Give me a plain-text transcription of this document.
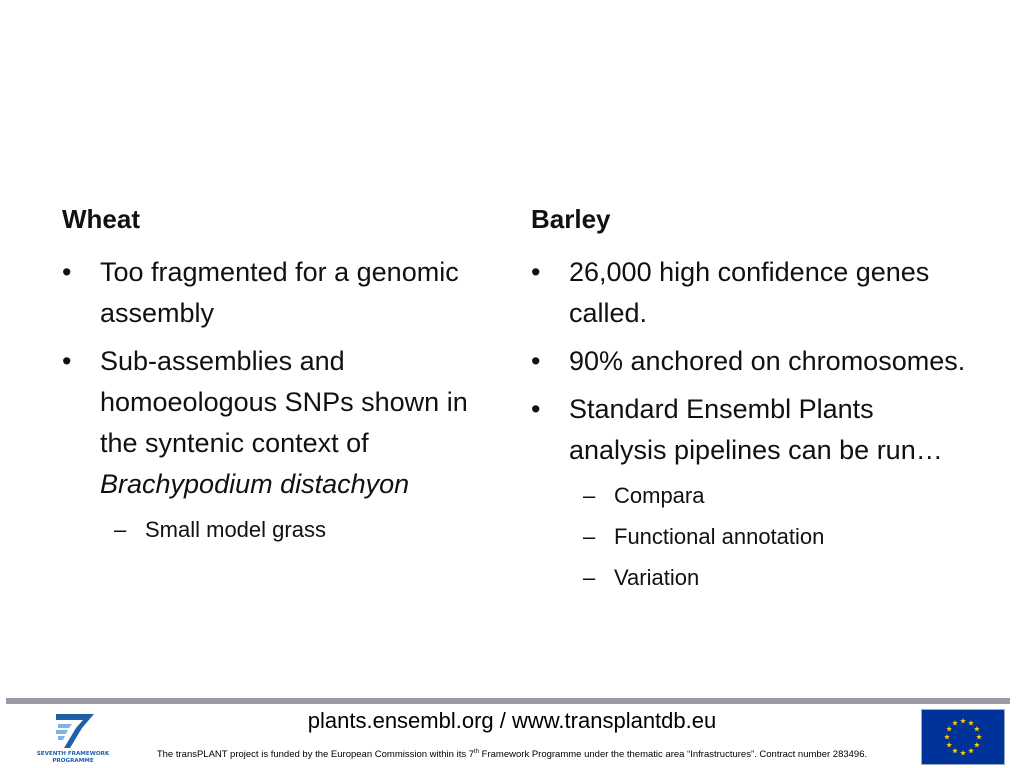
Wheat
•	Too fragmented for a genomic assembly
•	Sub-assemblies and homoeologous SNPs shown in the syntenic context of Brachypodium distachyon
– Small model grass
Barley
•	26,000 high confidence genes called.
•	90% anchored on chromosomes.
•	Standard Ensembl Plants analysis pipelines can be run…
– Compara
– Functional annotation
– Variation
SEVENTH FRAMEWORK
PROGRAMME
plants.ensembl.org / www.transplantdb.eu
The transPLANT project is funded by the European Commission within its 7th Framework Programme under the thematic area “Infrastructures”. Contract number 283496.
